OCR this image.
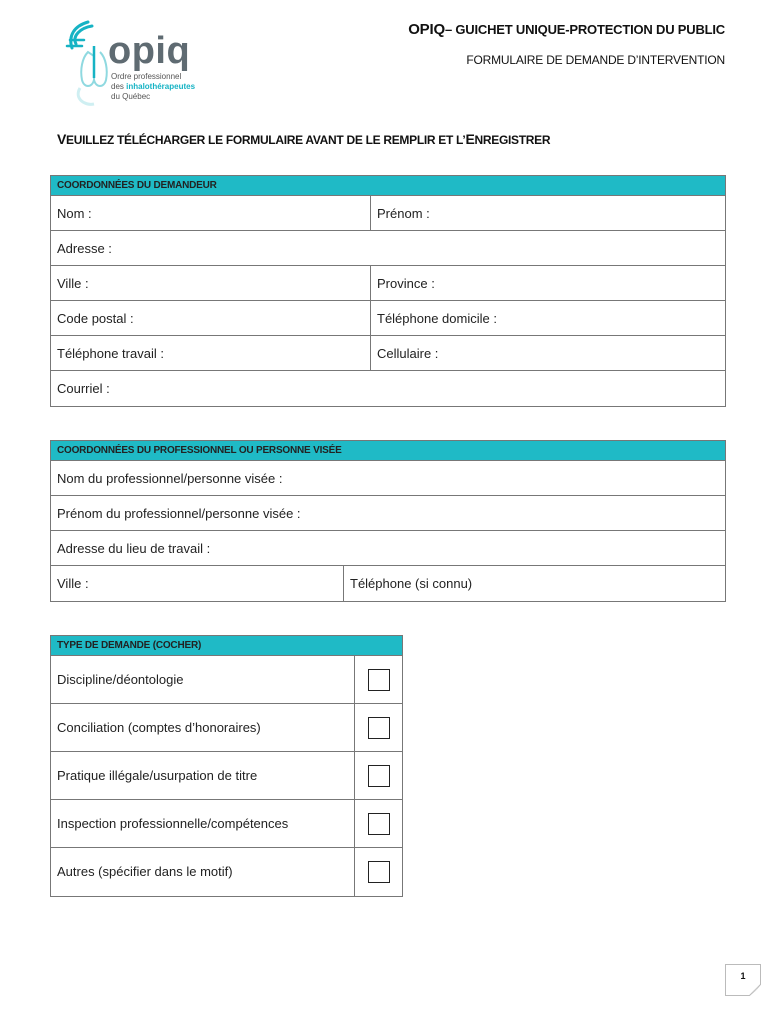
opiq
Ordre professionnel
des inhalothérapeutes
du Québec
OPIQ– GUICHET UNIQUE-PROTECTION DU PUBLIC
FORMULAIRE DE DEMANDE D’INTERVENTION
VEUILLEZ TÉLÉCHARGER LE FORMULAIRE AVANT DE LE REMPLIR ET L’ENREGISTRER
COORDONNÉES DU DEMANDEUR
Nom :	Prénom :
Adresse :
Ville :	Province :
Code postal :	Téléphone domicile :
Téléphone travail :	Cellulaire :
Courriel :
COORDONNÉES DU PROFESSIONNEL OU PERSONNE VISÉE
Nom du professionnel/personne visée :
Prénom du professionnel/personne visée :
Adresse du lieu de travail :
Ville :	Téléphone (si connu)
TYPE DE DEMANDE (COCHER)
Discipline/déontologie
Conciliation (comptes d’honoraires)
Pratique illégale/usurpation de titre
Inspection professionnelle/compétences
Autres (spécifier dans le motif)
1
